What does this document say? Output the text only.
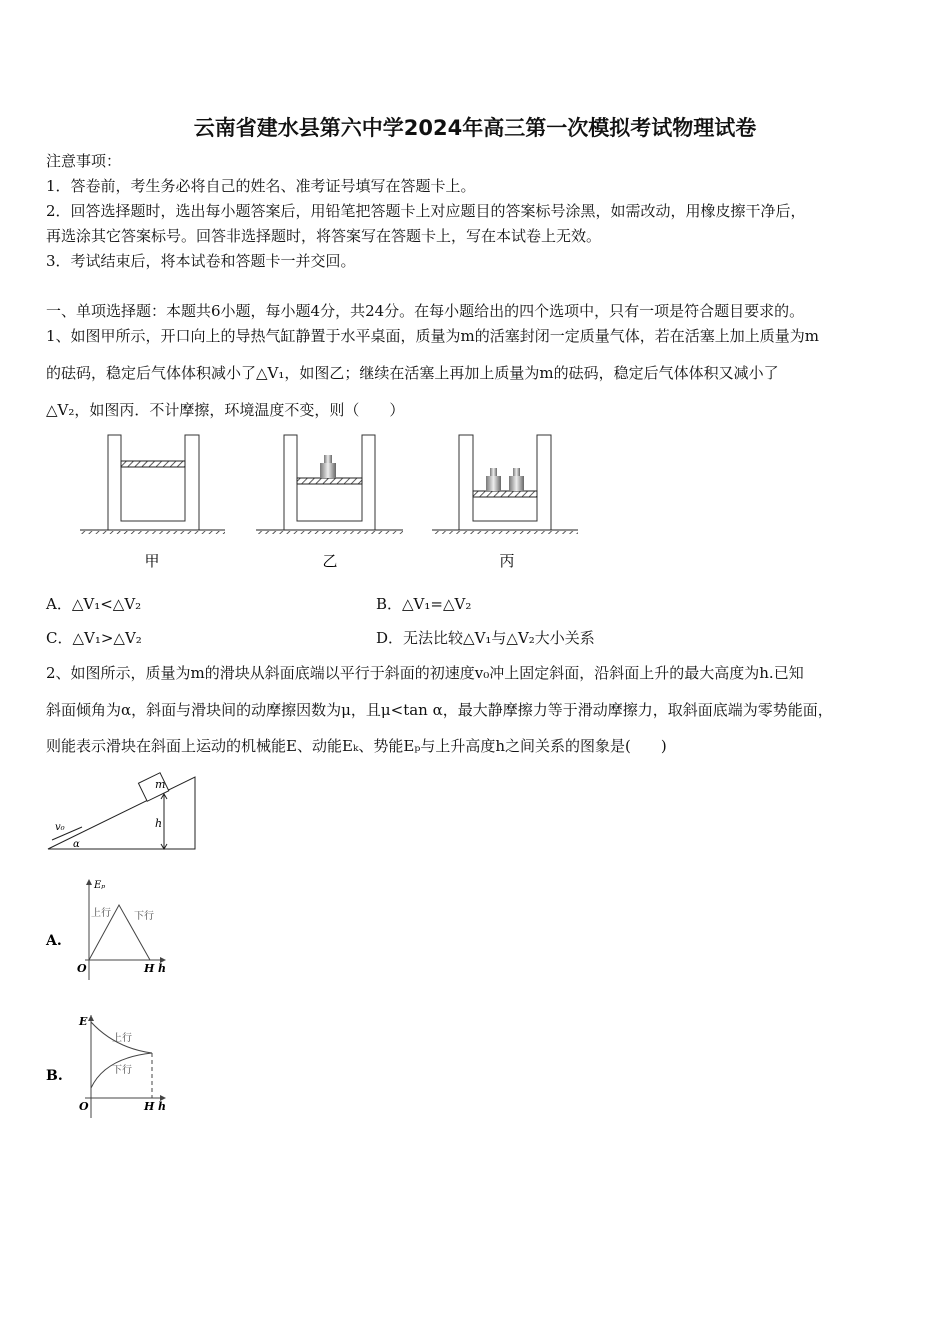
云南省建水县第六中学2024年高三第一次模拟考试物理试卷
注意事项：
1．答卷前，考生务必将自己的姓名、准考证号填写在答题卡上。
2．回答选择题时，选出每小题答案后，用铅笔把答题卡上对应题目的答案标号涂黑，如需改动，用橡皮擦干净后，
再选涂其它答案标号。回答非选择题时，将答案写在答题卡上，写在本试卷上无效。
3．考试结束后，将本试卷和答题卡一并交回。
一、单项选择题：本题共6小题，每小题4分，共24分。在每小题给出的四个选项中，只有一项是符合题目要求的。
1、如图甲所示，开口向上的导热气缸静置于水平桌面，质量为m的活塞封闭一定质量气体，若在活塞上加上质量为m
的砝码，稳定后气体体积减小了△V₁，如图乙；继续在活塞上再加上质量为m的砝码，稳定后气体体积又减小了
△V₂，如图丙．不计摩擦，环境温度不变，则（　　）
甲	乙	丙
A．△V₁<△V₂	B．△V₁=△V₂
C．△V₁>△V₂	D．无法比较△V₁与△V₂大小关系
2、如图所示，质量为m的滑块从斜面底端以平行于斜面的初速度v₀冲上固定斜面，沿斜面上升的最大高度为h.已知
斜面倾角为α，斜面与滑块间的动摩擦因数为μ，且μ<tan α，最大静摩擦力等于滑动摩擦力，取斜面底端为零势能面，
则能表示滑块在斜面上运动的机械能E、动能Eₖ、势能Eₚ与上升高度h之间关系的图象是(　　)
m
h
v₀
α
A.
Eₚ
上行 下行
O	H h
B.
E
上行
下行
O	H h
